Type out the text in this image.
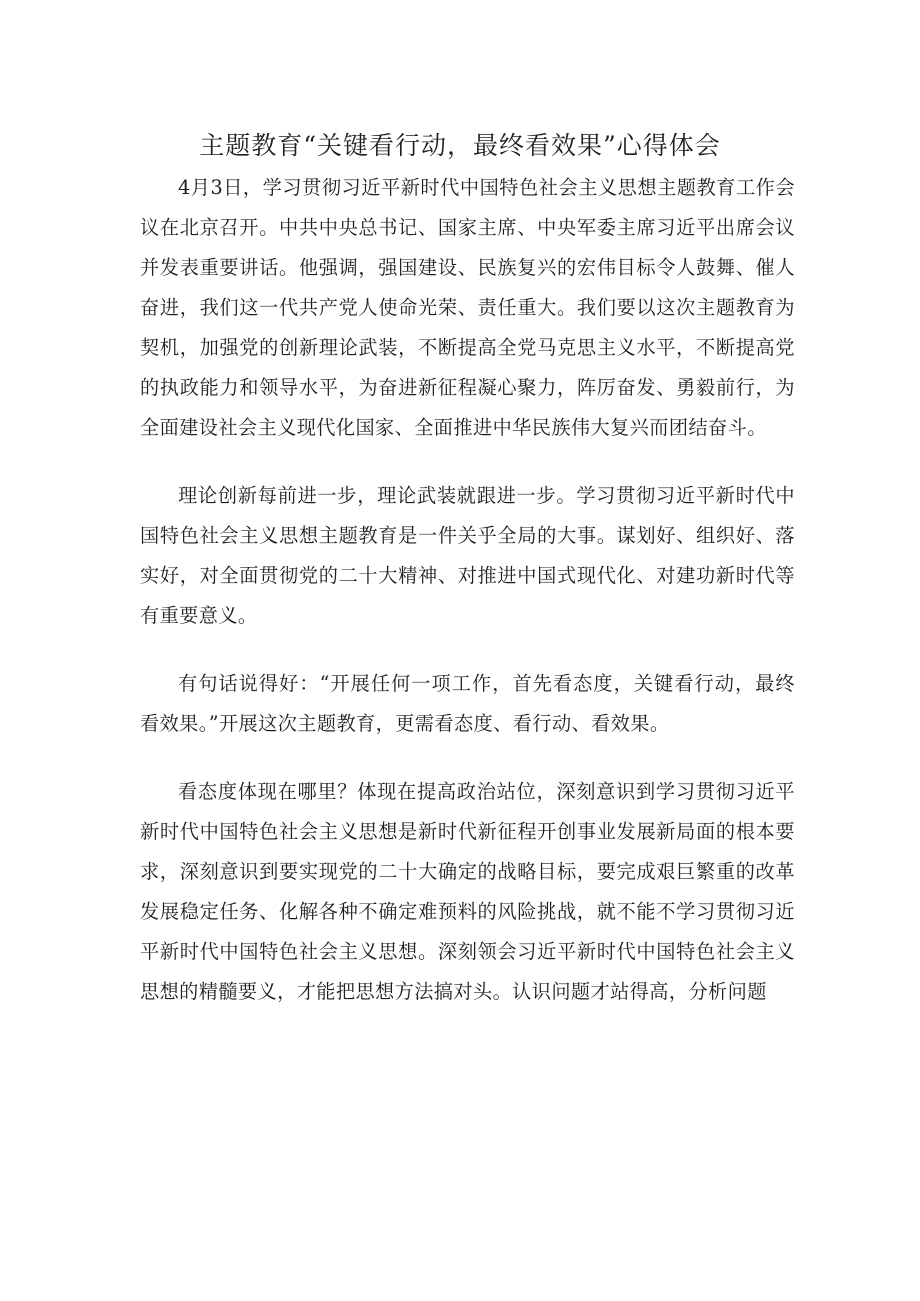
主题教育“关键看行动，最终看效果”心得体会

4月3日，学习贯彻习近平新时代中国特色社会主义思想主题教育工作会议在北京召开。中共中央总书记、国家主席、中央军委主席习近平出席会议并发表重要讲话。他强调，强国建设、民族复兴的宏伟目标令人鼓舞、催人奋进，我们这一代共产党人使命光荣、责任重大。我们要以这次主题教育为契机，加强党的创新理论武装，不断提高全党马克思主义水平，不断提高党的执政能力和领导水平，为奋进新征程凝心聚力，阵厉奋发、勇毅前行，为全面建设社会主义现代化国家、全面推进中华民族伟大复兴而团结奋斗。

理论创新每前进一步，理论武装就跟进一步。学习贯彻习近平新时代中国特色社会主义思想主题教育是一件关乎全局的大事。谋划好、组织好、落实好，对全面贯彻党的二十大精神、对推进中国式现代化、对建功新时代等有重要意义。

有句话说得好：“开展任何一项工作，首先看态度，关键看行动，最终看效果。”开展这次主题教育，更需看态度、看行动、看效果。

看态度体现在哪里？体现在提高政治站位，深刻意识到学习贯彻习近平新时代中国特色社会主义思想是新时代新征程开创事业发展新局面的根本要求，深刻意识到要实现党的二十大确定的战略目标，要完成艰巨繁重的改革发展稳定任务、化解各种不确定难预料的风险挑战，就不能不学习贯彻习近平新时代中国特色社会主义思想。深刻领会习近平新时代中国特色社会主义思想的精髓要义，才能把思想方法搞对头。认识问题才站得高，分析问题
